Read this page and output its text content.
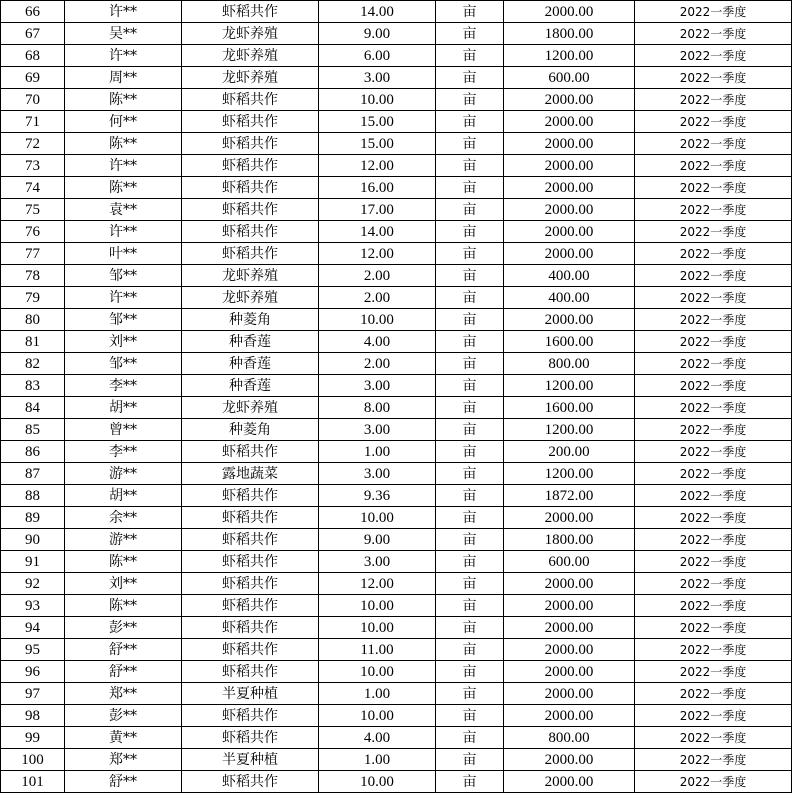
66	许**	虾稻共作	14.00	亩	2000.00	2022一季度
67	吴**	龙虾养殖	9.00	亩	1800.00	2022一季度
68	许**	龙虾养殖	6.00	亩	1200.00	2022一季度
69	周**	龙虾养殖	3.00	亩	600.00	2022一季度
70	陈**	虾稻共作	10.00	亩	2000.00	2022一季度
71	何**	虾稻共作	15.00	亩	2000.00	2022一季度
72	陈**	虾稻共作	15.00	亩	2000.00	2022一季度
73	许**	虾稻共作	12.00	亩	2000.00	2022一季度
74	陈**	虾稻共作	16.00	亩	2000.00	2022一季度
75	袁**	虾稻共作	17.00	亩	2000.00	2022一季度
76	许**	虾稻共作	14.00	亩	2000.00	2022一季度
77	叶**	虾稻共作	12.00	亩	2000.00	2022一季度
78	邹**	龙虾养殖	2.00	亩	400.00	2022一季度
79	许**	龙虾养殖	2.00	亩	400.00	2022一季度
80	邹**	种菱角	10.00	亩	2000.00	2022一季度
81	刘**	种香莲	4.00	亩	1600.00	2022一季度
82	邹**	种香莲	2.00	亩	800.00	2022一季度
83	李**	种香莲	3.00	亩	1200.00	2022一季度
84	胡**	龙虾养殖	8.00	亩	1600.00	2022一季度
85	曾**	种菱角	3.00	亩	1200.00	2022一季度
86	李**	虾稻共作	1.00	亩	200.00	2022一季度
87	游**	露地蔬菜	3.00	亩	1200.00	2022一季度
88	胡**	虾稻共作	9.36	亩	1872.00	2022一季度
89	余**	虾稻共作	10.00	亩	2000.00	2022一季度
90	游**	虾稻共作	9.00	亩	1800.00	2022一季度
91	陈**	虾稻共作	3.00	亩	600.00	2022一季度
92	刘**	虾稻共作	12.00	亩	2000.00	2022一季度
93	陈**	虾稻共作	10.00	亩	2000.00	2022一季度
94	彭**	虾稻共作	10.00	亩	2000.00	2022一季度
95	舒**	虾稻共作	11.00	亩	2000.00	2022一季度
96	舒**	虾稻共作	10.00	亩	2000.00	2022一季度
97	郑**	半夏种植	1.00	亩	2000.00	2022一季度
98	彭**	虾稻共作	10.00	亩	2000.00	2022一季度
99	黄**	虾稻共作	4.00	亩	800.00	2022一季度
100	郑**	半夏种植	1.00	亩	2000.00	2022一季度
101	舒**	虾稻共作	10.00	亩	2000.00	2022一季度
